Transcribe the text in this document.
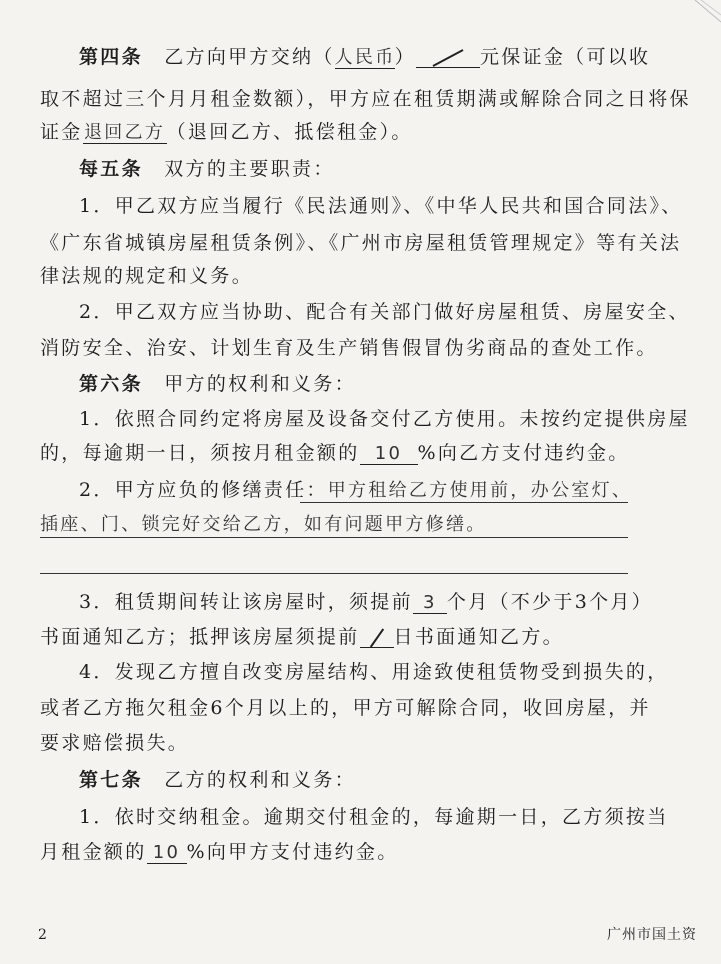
第四条　 乙方向甲方交纳（人民币）	元保证金（可以收
取不超过三个月月租金数额），甲方应在租赁期满或解除合同之日将保
证金退回乙方（退回乙方、抵偿租金）。
每五条　 双方的主要职责：
1．甲乙双方应当履行《民法通则》、《中华人民共和国合同法》、
《广东省城镇房屋租赁条例》、《广州市房屋租赁管理规定》等有关法
律法规的规定和义务。
2．甲乙双方应当协助、配合有关部门做好房屋租赁、房屋安全、
消防安全、治安、计划生育及生产销售假冒伪劣商品的查处工作。
第六条　 甲方的权利和义务：
1．依照合同约定将房屋及设备交付乙方使用。未按约定提供房屋
的，每逾期一日，须按月租金额的 10 %向乙方支付违约金。
2．甲方应负的修缮责任：甲方租给乙方使用前，办公室灯、
插座、门、锁完好交给乙方，如有问题甲方修缮。
3．租赁期间转让该房屋时，须提前 3 个月（不少于3个月）
书面通知乙方；抵押该房屋须提前 日书面通知乙方。
4．发现乙方擅自改变房屋结构、用途致使租赁物受到损失的，
或者乙方拖欠租金6个月以上的，甲方可解除合同，收回房屋，并
要求赔偿损失。
第七条　 乙方的权利和义务：
1．依时交纳租金。逾期交付租金的，每逾期一日，乙方须按当
月租金额的 10 %向甲方支付违约金。
2	广州市国土资
